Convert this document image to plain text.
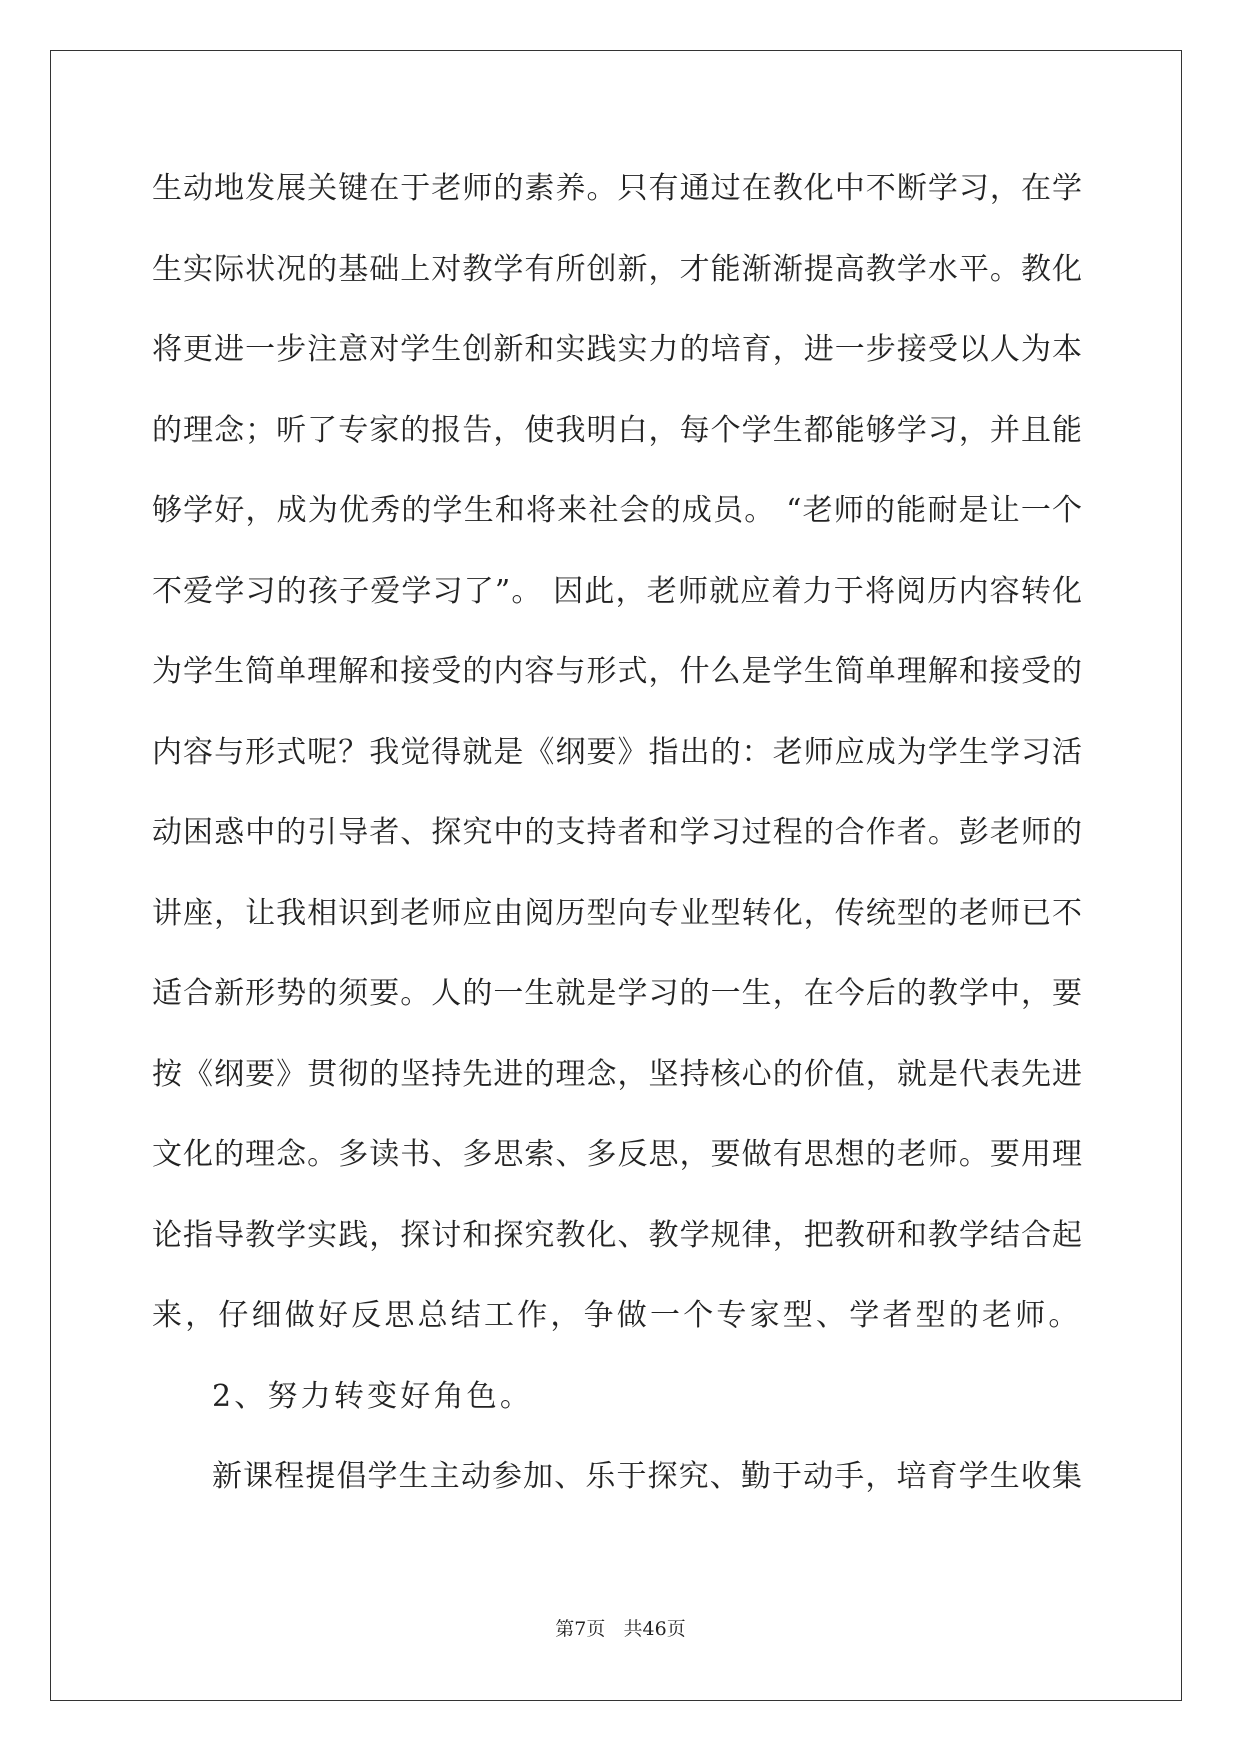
生动地发展关键在于老师的素养。只有通过在教化中不断学习，在学
生实际状况的基础上对教学有所创新，才能渐渐提高教学水平。教化
将更进一步注意对学生创新和实践实力的培育，进一步接受以人为本
的理念；听了专家的报告，使我明白，每个学生都能够学习，并且能
够学好，成为优秀的学生和将来社会的成员。 “老师的能耐是让一个
不爱学习的孩子爱学习了”。 因此，老师就应着力于将阅历内容转化
为学生简单理解和接受的内容与形式，什么是学生简单理解和接受的
内容与形式呢？我觉得就是《纲要》指出的：老师应成为学生学习活
动困惑中的引导者、探究中的支持者和学习过程的合作者。彭老师的
讲座，让我相识到老师应由阅历型向专业型转化，传统型的老师已不
适合新形势的须要。人的一生就是学习的一生，在今后的教学中，要
按《纲要》贯彻的坚持先进的理念，坚持核心的价值，就是代表先进
文化的理念。多读书、多思索、多反思，要做有思想的老师。要用理
论指导教学实践，探讨和探究教化、教学规律，把教研和教学结合起
来，仔细做好反思总结工作，争做一个专家型、学者型的老师。
2、努力转变好角色。
新课程提倡学生主动参加、乐于探究、勤于动手，培育学生收集
第7页 共46页
